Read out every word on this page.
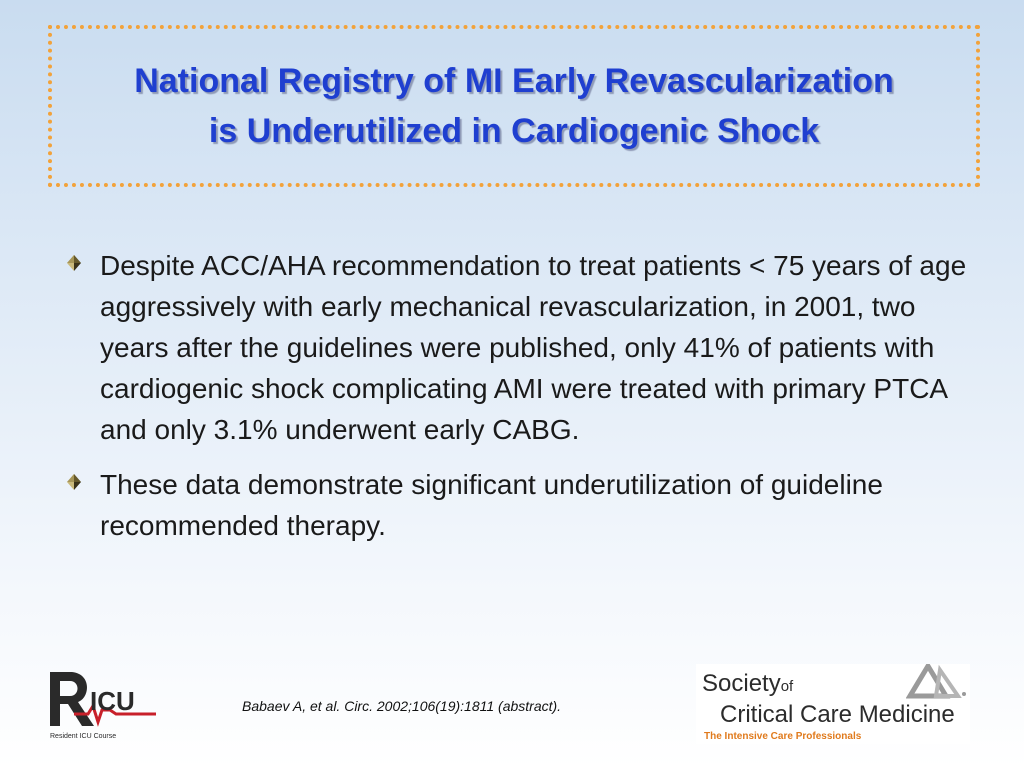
National Registry of MI Early Revascularization is Underutilized in Cardiogenic Shock
Despite ACC/AHA recommendation to treat patients < 75 years of age aggressively with early mechanical revascularization, in 2001, two years after the guidelines were published, only 41% of patients with cardiogenic shock complicating AMI were treated with primary PTCA and only 3.1% underwent early CABG.
These data demonstrate significant underutilization of guideline recommended therapy.
Babaev A, et al. Circ. 2002;106(19):1811 (abstract).
ICU
Resident ICU Course
Societyof
Critical Care Medicine
The Intensive Care Professionals
